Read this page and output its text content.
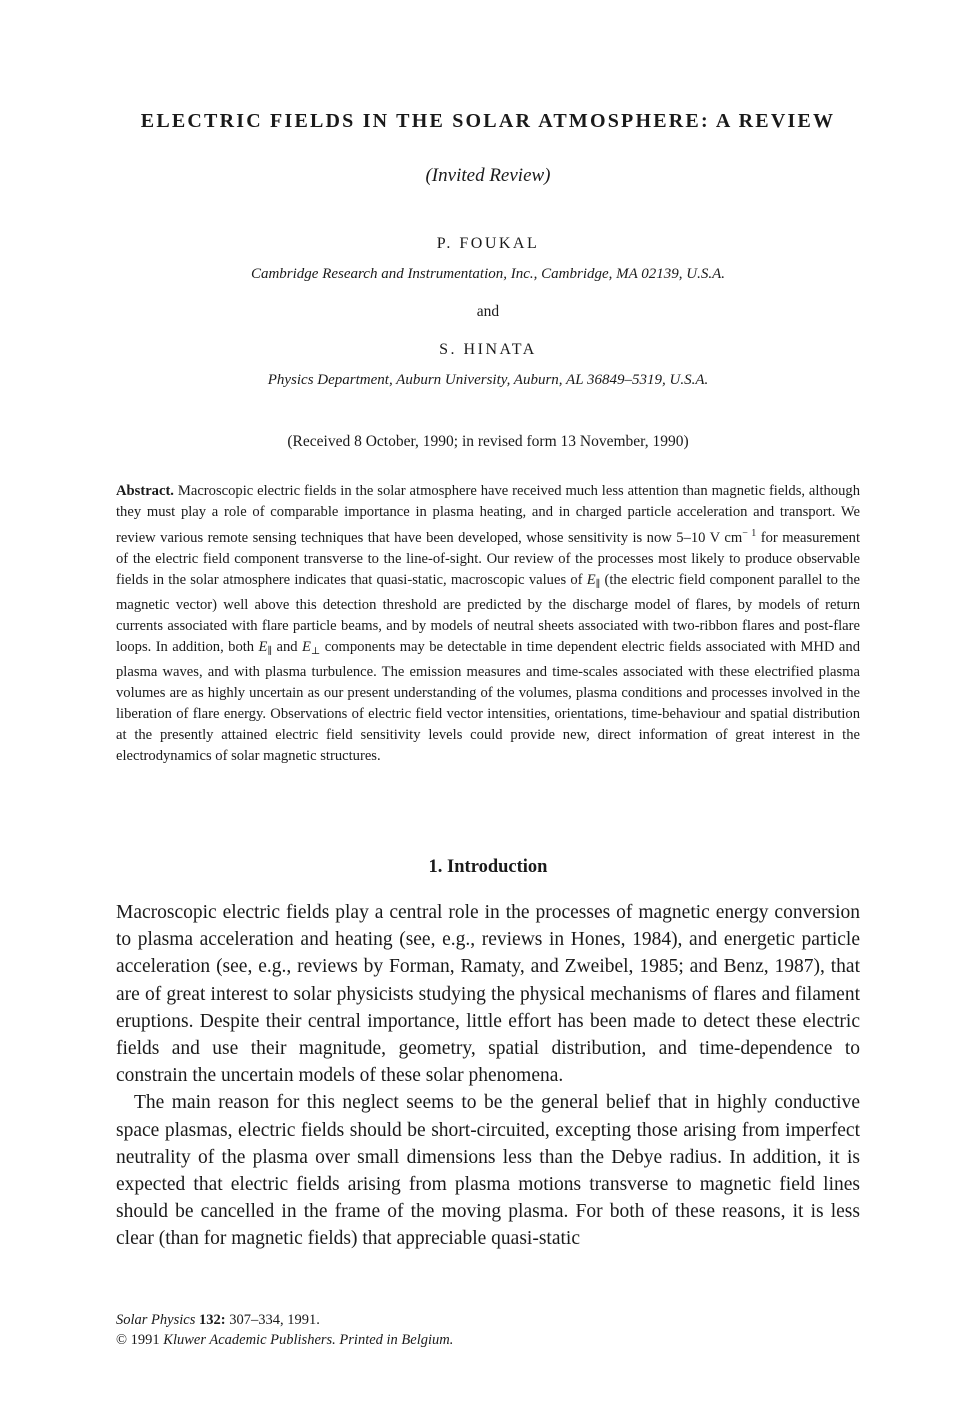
ELECTRIC FIELDS IN THE SOLAR ATMOSPHERE: A REVIEW
(Invited Review)
P. FOUKAL
Cambridge Research and Instrumentation, Inc., Cambridge, MA 02139, U.S.A.
and
S. HINATA
Physics Department, Auburn University, Auburn, AL 36849–5319, U.S.A.
(Received 8 October, 1990; in revised form 13 November, 1990)
Abstract. Macroscopic electric fields in the solar atmosphere have received much less attention than magnetic fields, although they must play a role of comparable importance in plasma heating, and in charged particle acceleration and transport. We review various remote sensing techniques that have been developed, whose sensitivity is now 5–10 V $cm^{- 1}$ for measurement of the electric field component transverse to the line-of-sight. Our review of the processes most likely to produce observable fields in the solar atmosphere indicates that quasi-static, macroscopic values of $E_\parallel$ (the electric field component parallel to the magnetic vector) well above this detection threshold are predicted by the discharge model of flares, by models of return currents associated with flare particle beams, and by models of neutral sheets associated with two-ribbon flares and post-flare loops. In addition, both $E_\parallel$ and $E_\perp$ components may be detectable in time dependent electric fields associated with MHD and plasma waves, and with plasma turbulence. The emission measures and time-scales associated with these electrified plasma volumes are as highly uncertain as our present understanding of the volumes, plasma conditions and processes involved in the liberation of flare energy. Observations of electric field vector intensities, orientations, time-behaviour and spatial distribution at the presently attained electric field sensitivity levels could provide new, direct information of great interest in the electrodynamics of solar magnetic structures.
1. Introduction

Macroscopic electric fields play a central role in the processes of magnetic energy conversion to plasma acceleration and heating (see, e.g., reviews in Hones, 1984), and energetic particle acceleration (see, e.g., reviews by Forman, Ramaty, and Zweibel, 1985; and Benz, 1987), that are of great interest to solar physicists studying the physical mechanisms of flares and filament eruptions. Despite their central importance, little effort has been made to detect these electric fields and use their magnitude, geometry, spatial distribution, and time-dependence to constrain the uncertain models of these solar phenomena.

The main reason for this neglect seems to be the general belief that in highly conductive space plasmas, electric fields should be short-circuited, excepting those arising from imperfect neutrality of the plasma over small dimensions less than the Debye radius. In addition, it is expected that electric fields arising from plasma motions transverse to magnetic field lines should be cancelled in the frame of the moving plasma. For both of these reasons, it is less clear (than for magnetic fields) that appreciable quasi-static

Solar Physics 132: 307–334, 1991.
© 1991 Kluwer Academic Publishers. Printed in Belgium.
